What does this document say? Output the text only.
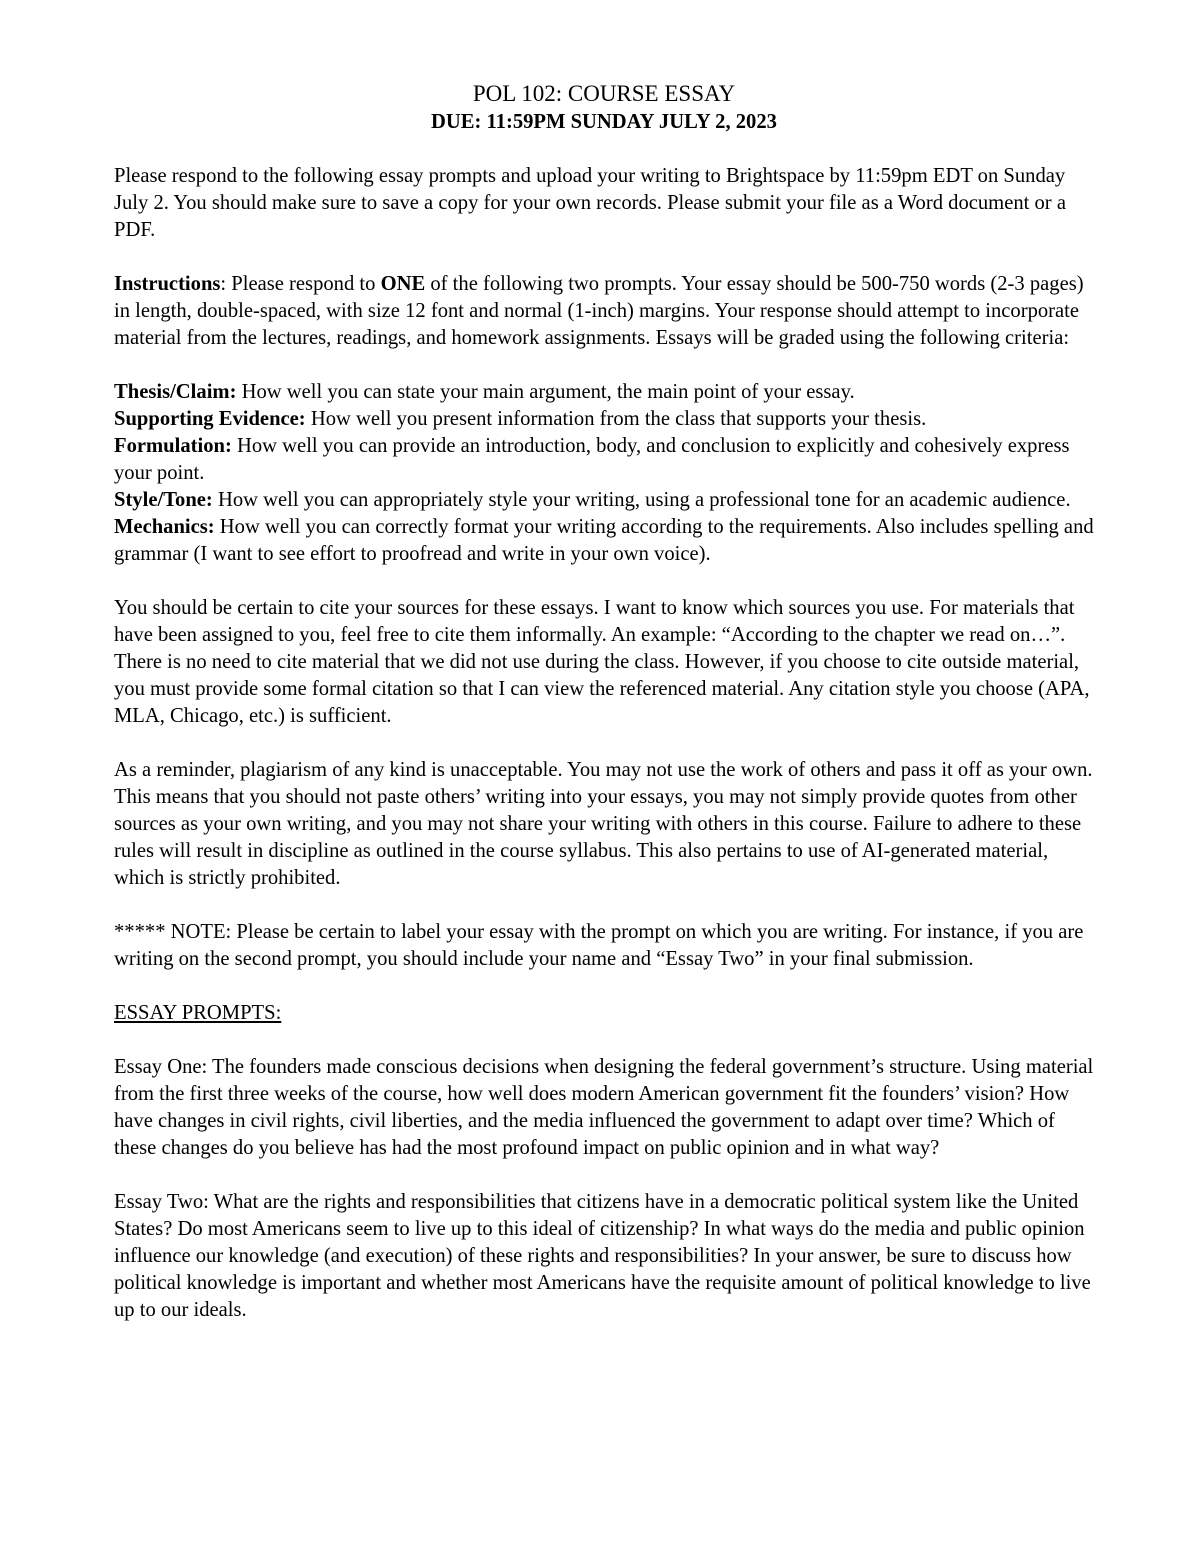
POL 102: COURSE ESSAY
DUE: 11:59PM SUNDAY JULY 2, 2023

Please respond to the following essay prompts and upload your writing to Brightspace by 11:59pm EDT on Sunday July 2. You should make sure to save a copy for your own records. Please submit your file as a Word document or a PDF.

Instructions: Please respond to ONE of the following two prompts. Your essay should be 500-750 words (2-3 pages) in length, double-spaced, with size 12 font and normal (1-inch) margins. Your response should attempt to incorporate material from the lectures, readings, and homework assignments. Essays will be graded using the following criteria:

Thesis/Claim: How well you can state your main argument, the main point of your essay.
Supporting Evidence: How well you present information from the class that supports your thesis.
Formulation: How well you can provide an introduction, body, and conclusion to explicitly and cohesively express your point.
Style/Tone: How well you can appropriately style your writing, using a professional tone for an academic audience.
Mechanics: How well you can correctly format your writing according to the requirements. Also includes spelling and grammar (I want to see effort to proofread and write in your own voice).

You should be certain to cite your sources for these essays. I want to know which sources you use. For materials that have been assigned to you, feel free to cite them informally. An example: “According to the chapter we read on…”. There is no need to cite material that we did not use during the class. However, if you choose to cite outside material, you must provide some formal citation so that I can view the referenced material. Any citation style you choose (APA, MLA, Chicago, etc.) is sufficient.

As a reminder, plagiarism of any kind is unacceptable. You may not use the work of others and pass it off as your own. This means that you should not paste others’ writing into your essays, you may not simply provide quotes from other sources as your own writing, and you may not share your writing with others in this course. Failure to adhere to these rules will result in discipline as outlined in the course syllabus. This also pertains to use of AI-generated material, which is strictly prohibited.

***** NOTE: Please be certain to label your essay with the prompt on which you are writing. For instance, if you are writing on the second prompt, you should include your name and “Essay Two” in your final submission.

ESSAY PROMPTS:

Essay One: The founders made conscious decisions when designing the federal government’s structure. Using material from the first three weeks of the course, how well does modern American government fit the founders’ vision? How have changes in civil rights, civil liberties, and the media influenced the government to adapt over time? Which of these changes do you believe has had the most profound impact on public opinion and in what way?

Essay Two: What are the rights and responsibilities that citizens have in a democratic political system like the United States? Do most Americans seem to live up to this ideal of citizenship? In what ways do the media and public opinion influence our knowledge (and execution) of these rights and responsibilities? In your answer, be sure to discuss how political knowledge is important and whether most Americans have the requisite amount of political knowledge to live up to our ideals.
